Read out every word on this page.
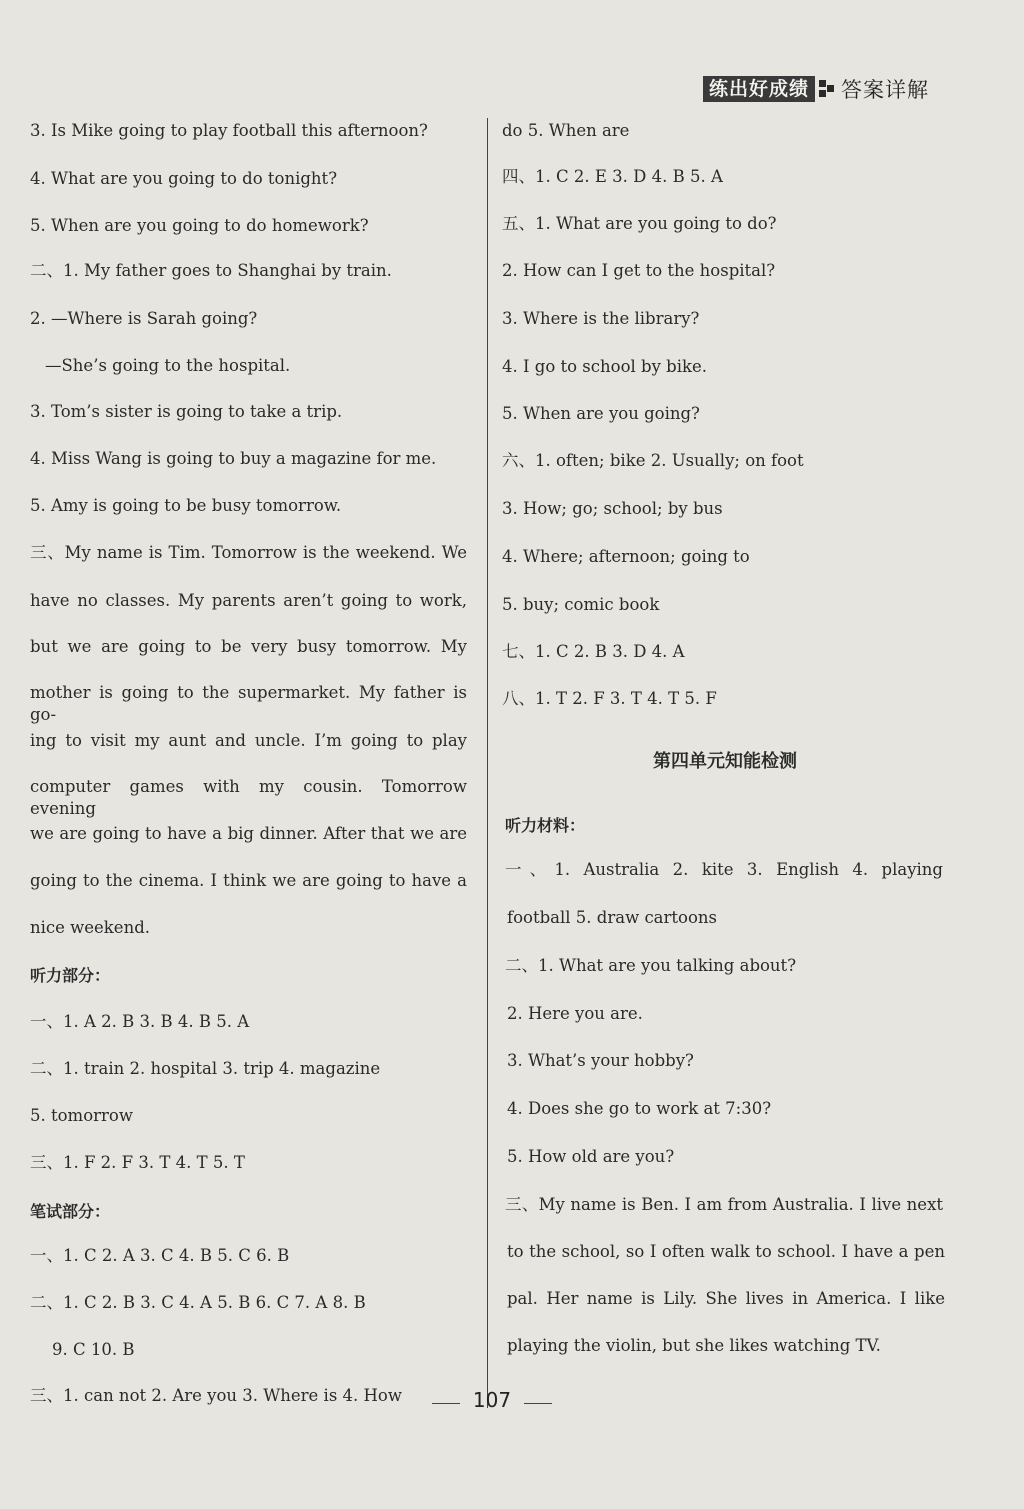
练出好成绩 答案详解
3. Is Mike going to play football this afternoon?
4. What are you going to do tonight?
5. When are you going to do homework?
二、1. My father goes to Shanghai by train.
2. —Where is Sarah going?
—She’s going to the hospital.
3. Tom’s sister is going to take a trip.
4. Miss Wang is going to buy a magazine for me.
5. Amy is going to be busy tomorrow.
三、My name is Tim. Tomorrow is the weekend. We
have no classes. My parents aren’t going to work,
but we are going to be very busy tomorrow. My
mother is going to the supermarket. My father is go-
ing to visit my aunt and uncle. I’m going to play
computer games with my cousin. Tomorrow evening
we are going to have a big dinner. After that we are
going to the cinema. I think we are going to have a
nice weekend.
听力部分：
一、1. A 2. B 3. B 4. B 5. A
二、1. train 2. hospital 3. trip 4. magazine
5. tomorrow
三、1. F 2. F 3. T 4. T 5. T
笔试部分：
一、1. C 2. A 3. C 4. B 5. C 6. B
二、1. C 2. B 3. C 4. A 5. B 6. C 7. A 8. B
9. C 10. B
三、1. can not 2. Are you 3. Where is 4. How
do 5. When are
四、1. C 2. E 3. D 4. B 5. A
五、1. What are you going to do?
2. How can I get to the hospital?
3. Where is the library?
4. I go to school by bike.
5. When are you going?
六、1. often; bike 2. Usually; on foot
3. How; go; school; by bus
4. Where; afternoon; going to
5. buy; comic book
七、1. C 2. B 3. D 4. A
八、1. T 2. F 3. T 4. T 5. F
第四单元知能检测
听力材料：
一、1. Australia 2. kite 3. English 4. playing
football 5. draw cartoons
二、1. What are you talking about?
2. Here you are.
3. What’s your hobby?
4. Does she go to work at 7:30?
5. How old are you?
三、My name is Ben. I am from Australia. I live next
to the school, so I often walk to school. I have a pen
pal. Her name is Lily. She lives in America. I like
playing the violin, but she likes watching TV.
107
